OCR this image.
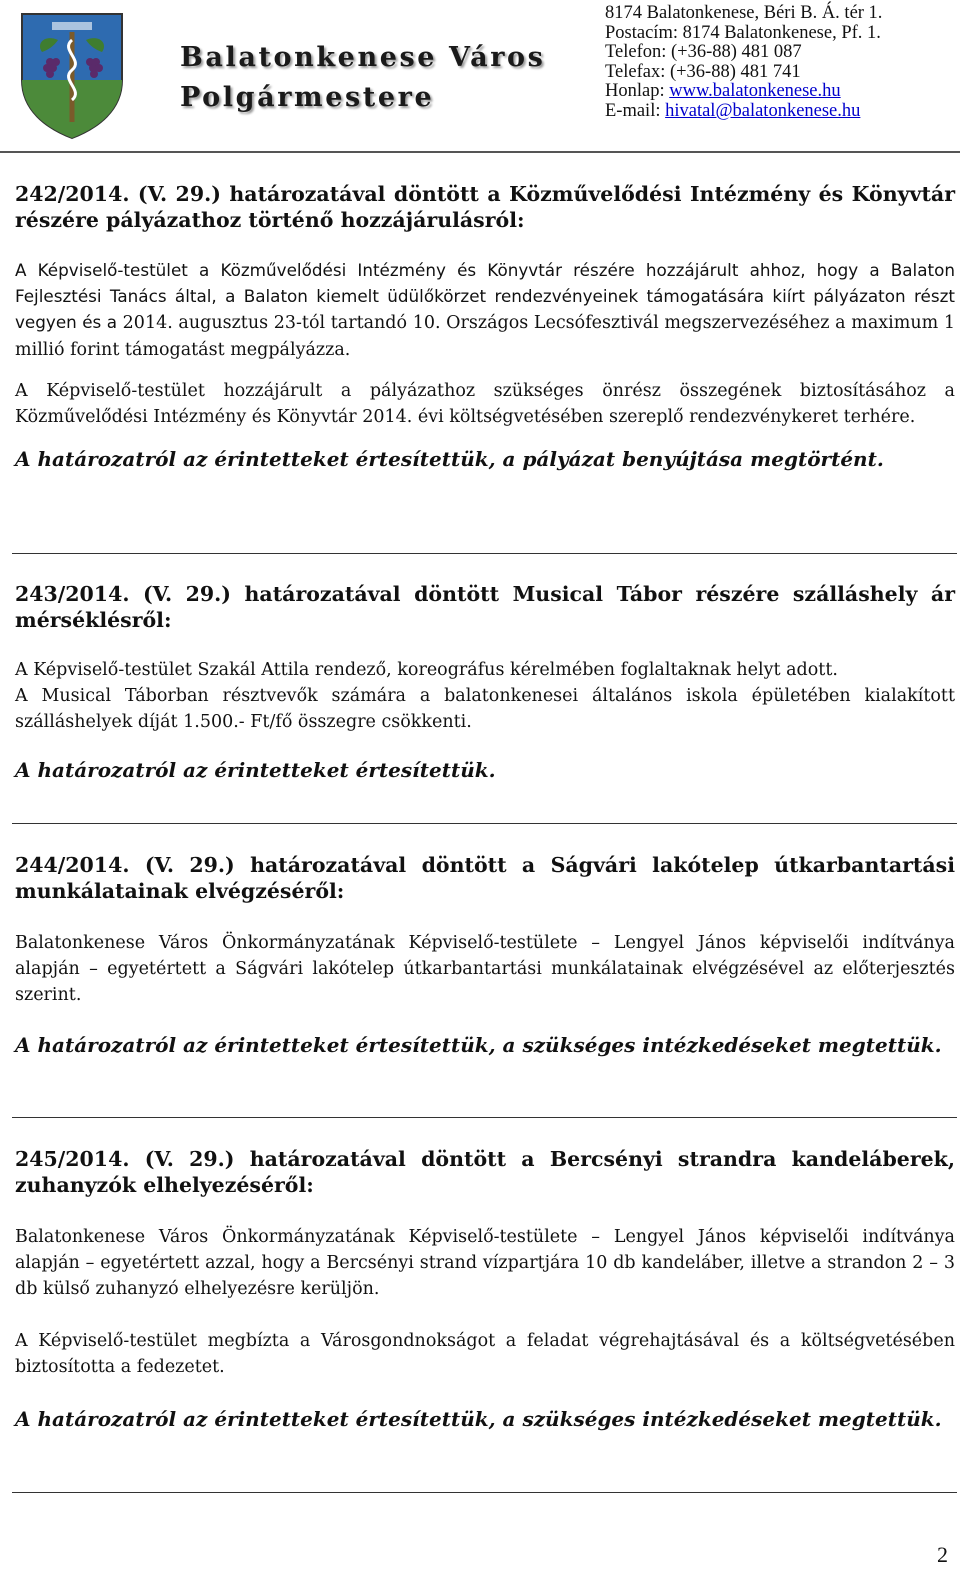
Balatonkenese Város
Polgármestere
8174 Balatonkenese, Béri B. Á. tér 1.
Postacím: 8174 Balatonkenese, Pf. 1.
Telefon: (+36-88) 481 087
Telefax: (+36-88) 481 741
Honlap: www.balatonkenese.hu
E-mail: hivatal@balatonkenese.hu

242/2014. (V. 29.) határozatával döntött a Közművelődési Intézmény és Könyvtár részére pályázathoz történő hozzájárulásról:

A Képviselő-testület a Közművelődési Intézmény és Könyvtár részére hozzájárult ahhoz, hogy a Balaton Fejlesztési Tanács által, a Balaton kiemelt üdülőkörzet rendezvényeinek támogatására kiírt pályázaton részt vegyen és a 2014. augusztus 23-tól tartandó 10. Országos Lecsófesztivál megszervezéséhez a maximum 1 millió forint támogatást megpályázza.

A Képviselő-testület hozzájárult a pályázathoz szükséges önrész összegének biztosításához a Közművelődési Intézmény és Könyvtár 2014. évi költségvetésében szereplő rendezvénykeret terhére.

A határozatról az érintetteket értesítettük, a pályázat benyújtása megtörtént.

243/2014. (V. 29.) határozatával döntött Musical Tábor részére szálláshely ár mérséklésről:

A Képviselő-testület Szakál Attila rendező, koreográfus kérelmében foglaltaknak helyt adott.

A Musical Táborban résztvevők számára a balatonkenesei általános iskola épületében kialakított szálláshelyek díját 1.500.- Ft/fő összegre csökkenti.

A határozatról az érintetteket értesítettük.

244/2014. (V. 29.) határozatával döntött a Ságvári lakótelep útkarbantartási munkálatainak elvégzéséről:

Balatonkenese Város Önkormányzatának Képviselő-testülete – Lengyel János képviselői indítványa alapján – egyetértett a Ságvári lakótelep útkarbantartási munkálatainak elvégzésével az előterjesztés szerint.

A határozatról az érintetteket értesítettük, a szükséges intézkedéseket megtettük.

245/2014. (V. 29.) határozatával döntött a Bercsényi strandra kandeláberek, zuhanyzók elhelyezéséről:

Balatonkenese Város Önkormányzatának Képviselő-testülete – Lengyel János képviselői indítványa alapján – egyetértett azzal, hogy a Bercsényi strand vízpartjára 10 db kandeláber, illetve a strandon 2 – 3 db külső zuhanyzó elhelyezésre kerüljön.

A Képviselő-testület megbízta a Városgondnokságot a feladat végrehajtásával és a költségvetésében biztosította a fedezetet.

A határozatról az érintetteket értesítettük, a szükséges intézkedéseket megtettük.

2
